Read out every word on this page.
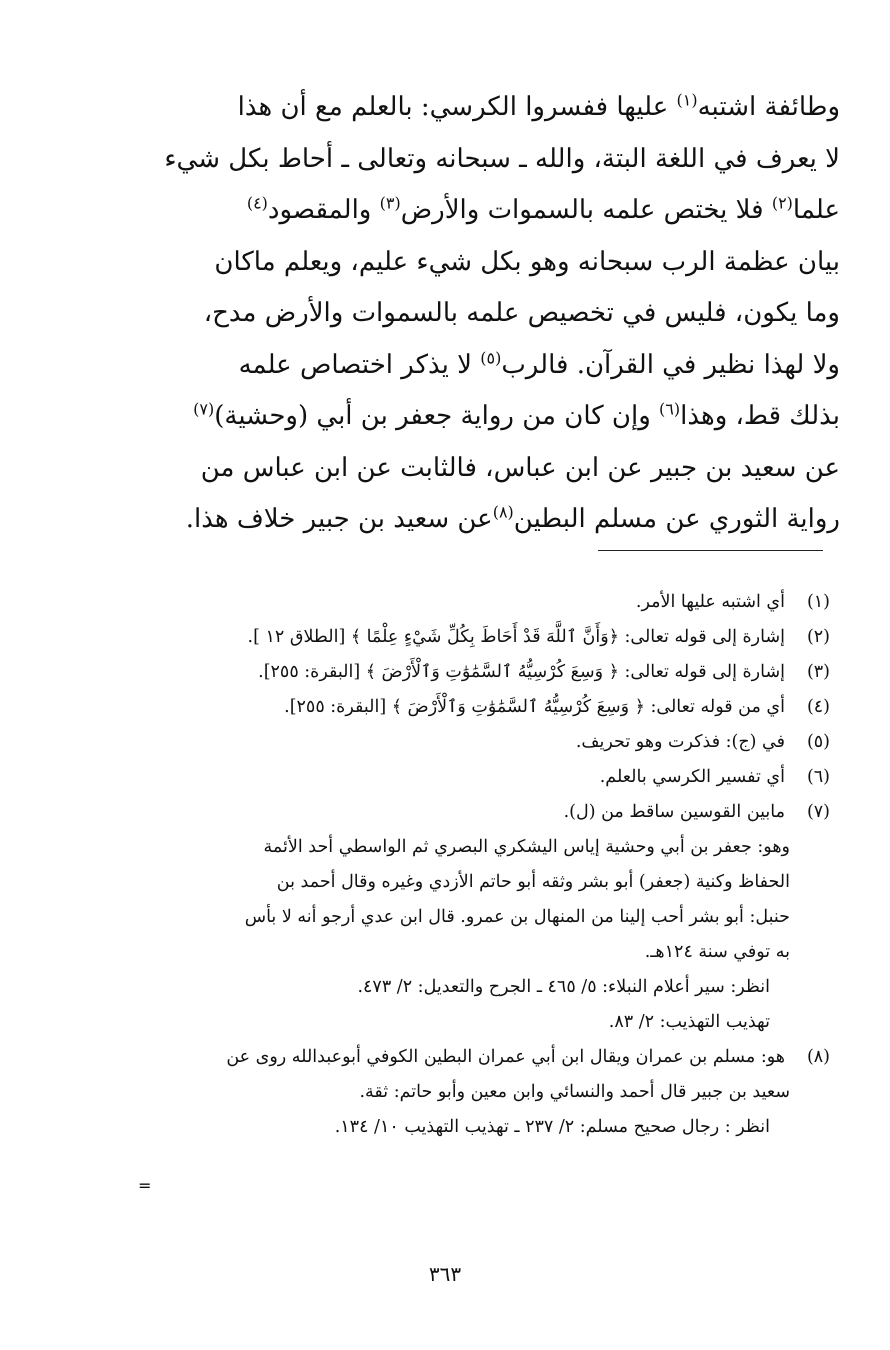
وطائفة اشتبه$^{(١)}$ عليها ففسروا الكرسي: بالعلم مع أن هذا
لا يعرف في اللغة البتة، والله ـ سبحانه وتعالى ـ أحاط بكل شيء
علما$^{(٢)}$ فلا يختص علمه بالسموات والأرض$^{(٣)}$ والمقصود$^{(٤)}$
بيان عظمة الرب سبحانه وهو بكل شيء عليم، ويعلم ماكان
وما يكون، فليس في تخصيص علمه بالسموات والأرض مدح،
ولا لهذا نظير في القرآن. فالرب$^{(٥)}$ لا يذكر اختصاص علمه
بذلك قط، وهذا$^{(٦)}$ وإن كان من رواية جعفر بن أبي (وحشية)$^{(٧)}$
عن سعيد بن جبير عن ابن عباس، فالثابت عن ابن عباس من
رواية الثوري عن مسلم البطين$^{(٨)}$عن سعيد بن جبير خلاف هذا.
(١)
أي اشتبه عليها الأمر.
(٢)
إشارة إلى قوله تعالى: ﴿وَأَنَّ ٱللَّهَ قَدْ أَحَاطَ بِكُلِّ شَيْءٍ عِلْمًا ﴾ [الطلاق ١٢ ].
(٣)
إشارة إلى قوله تعالى: ﴿ وَسِعَ كُرْسِيُّهُ ٱلسَّمَٰوَٰتِ وَٱلْأَرْضَ ﴾ [البقرة: ٢٥٥].
(٤)
أي من قوله تعالى: ﴿ وَسِعَ كُرْسِيُّهُ ٱلسَّمَٰوَٰتِ وَٱلْأَرْضَ ﴾ [البقرة: ٢٥٥].
(٥)
في (ج): فذكرت وهو تحريف.
(٦)
أي تفسير الكرسي بالعلم.
(٧)
مابين القوسين ساقط من (ل).
وهو: جعفر بن أبي وحشية إياس اليشكري البصري ثم الواسطي أحد الأئمة
الحفاظ وكنية (جعفر) أبو بشر وثقه أبو حاتم الأزدي وغيره وقال أحمد بن
حنبل: أبو بشر أحب إلينا من المنهال بن عمرو. قال ابن عدي أرجو أنه لا بأس
به توفي سنة ١٢٤هـ.
انظر: سير أعلام النبلاء: ٥/ ٤٦٥ ـ الجرح والتعديل: ٢/ ٤٧٣.
تهذيب التهذيب: ٢/ ٨٣.
(٨)
هو: مسلم بن عمران ويقال ابن أبي عمران البطين الكوفي أبوعبدالله روى عن
سعيد بن جبير قال أحمد والنسائي وابن معين وأبو حاتم: ثقة.
انظر : رجال صحيح مسلم: ٢/ ٢٣٧ ـ تهذيب التهذيب ١٠/ ١٣٤.
=
٣٦٣
